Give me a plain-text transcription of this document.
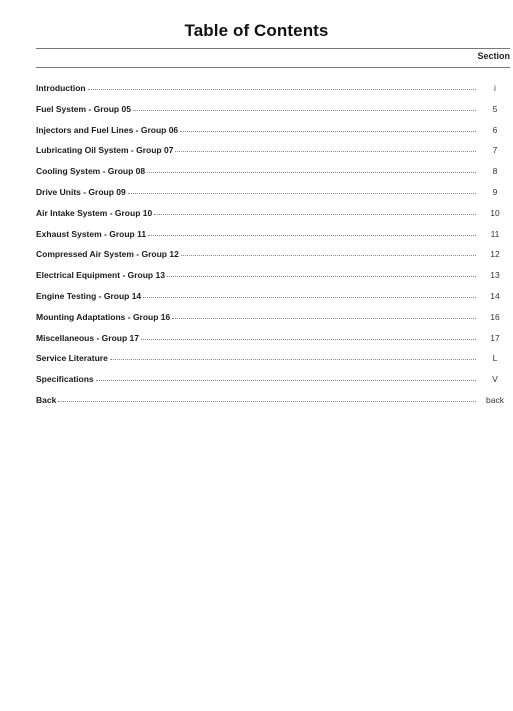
Table of Contents
Section
Introduction	i
Fuel System - Group 05	5
Injectors and Fuel Lines - Group 06	6
Lubricating Oil System - Group 07	7
Cooling System - Group 08	8
Drive Units - Group 09	9
Air Intake System - Group 10	10
Exhaust System - Group 11	11
Compressed Air System - Group 12	12
Electrical Equipment - Group 13	13
Engine Testing - Group 14	14
Mounting Adaptations - Group 16	16
Miscellaneous - Group 17	17
Service Literature	L
Specifications	V
Back	back
